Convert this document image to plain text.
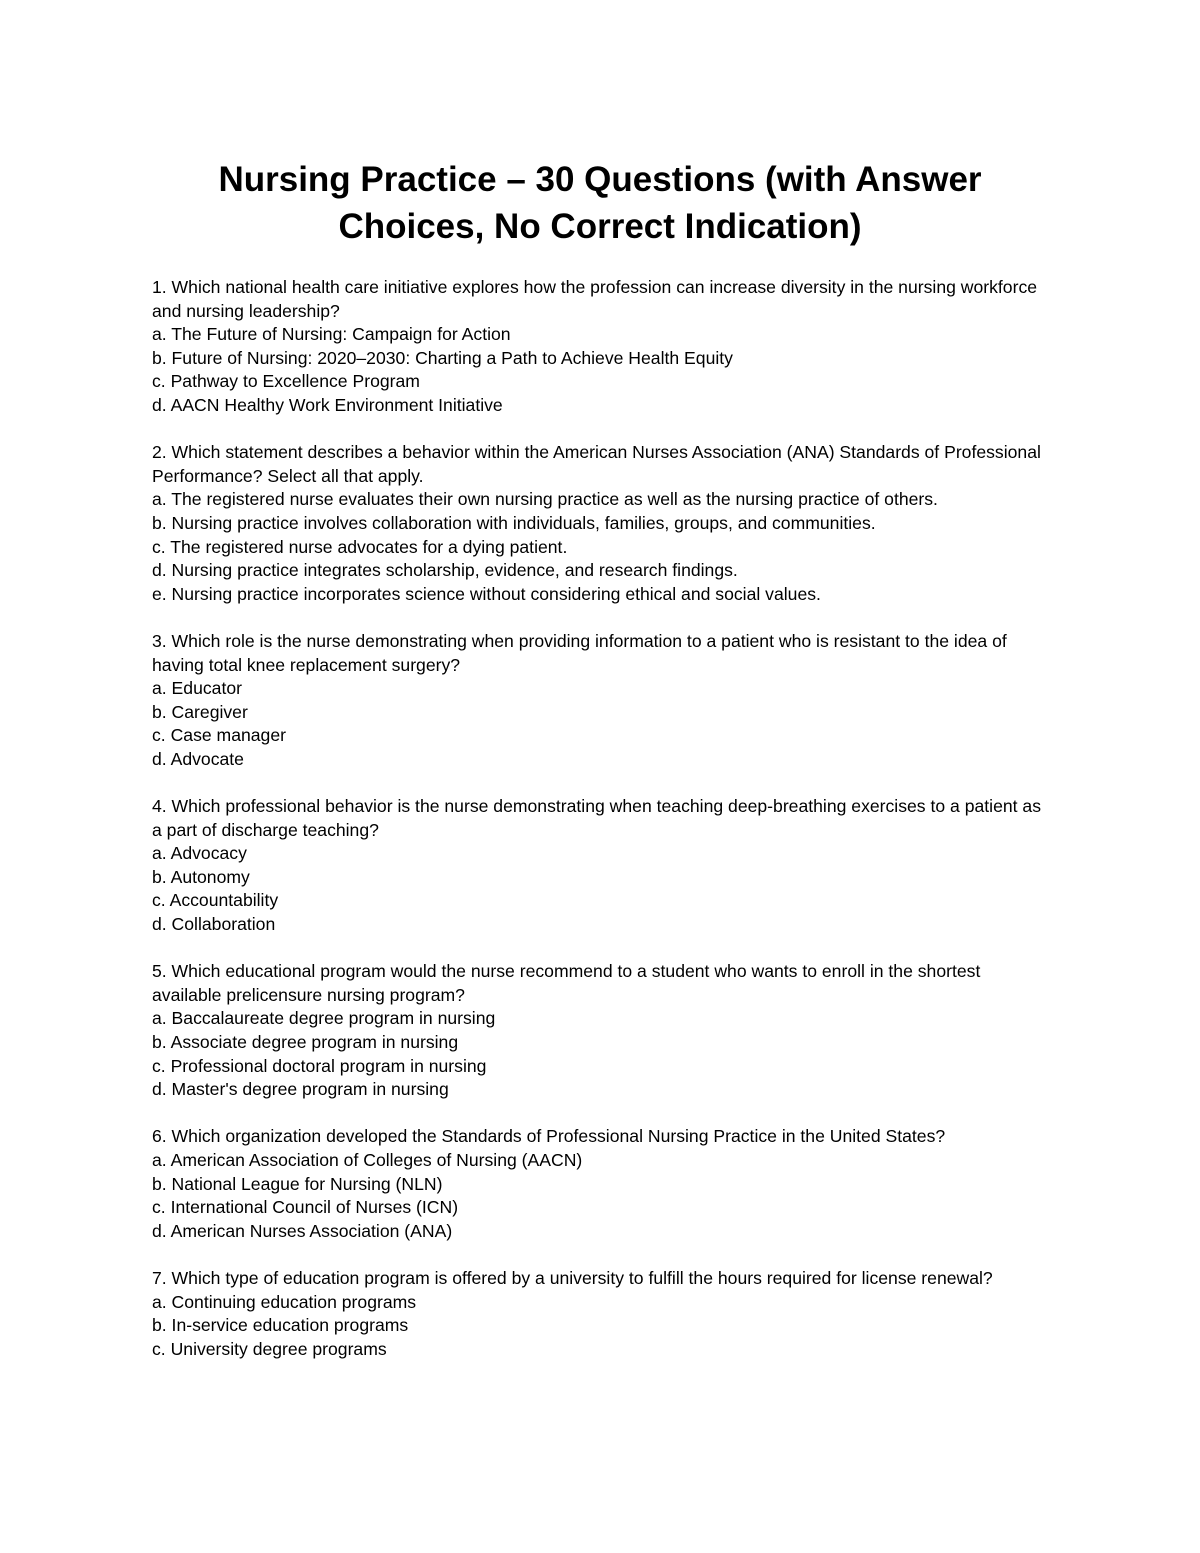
Nursing Practice – 30 Questions (with Answer
Choices, No Correct Indication)
1. Which national health care initiative explores how the profession can increase diversity in the nursing workforce and nursing leadership?
a. The Future of Nursing: Campaign for Action
b. Future of Nursing: 2020–2030: Charting a Path to Achieve Health Equity
c. Pathway to Excellence Program
d. AACN Healthy Work Environment Initiative
2. Which statement describes a behavior within the American Nurses Association (ANA) Standards of Professional Performance? Select all that apply.
a. The registered nurse evaluates their own nursing practice as well as the nursing practice of others.
b. Nursing practice involves collaboration with individuals, families, groups, and communities.
c. The registered nurse advocates for a dying patient.
d. Nursing practice integrates scholarship, evidence, and research findings.
e. Nursing practice incorporates science without considering ethical and social values.
3. Which role is the nurse demonstrating when providing information to a patient who is resistant to the idea of having total knee replacement surgery?
a. Educator
b. Caregiver
c. Case manager
d. Advocate
4. Which professional behavior is the nurse demonstrating when teaching deep-breathing exercises to a patient as a part of discharge teaching?
a. Advocacy
b. Autonomy
c. Accountability
d. Collaboration
5. Which educational program would the nurse recommend to a student who wants to enroll in the shortest available prelicensure nursing program?
a. Baccalaureate degree program in nursing
b. Associate degree program in nursing
c. Professional doctoral program in nursing
d. Master's degree program in nursing
6. Which organization developed the Standards of Professional Nursing Practice in the United States?
a. American Association of Colleges of Nursing (AACN)
b. National League for Nursing (NLN)
c. International Council of Nurses (ICN)
d. American Nurses Association (ANA)
7. Which type of education program is offered by a university to fulfill the hours required for license renewal?
a. Continuing education programs
b. In-service education programs
c. University degree programs
